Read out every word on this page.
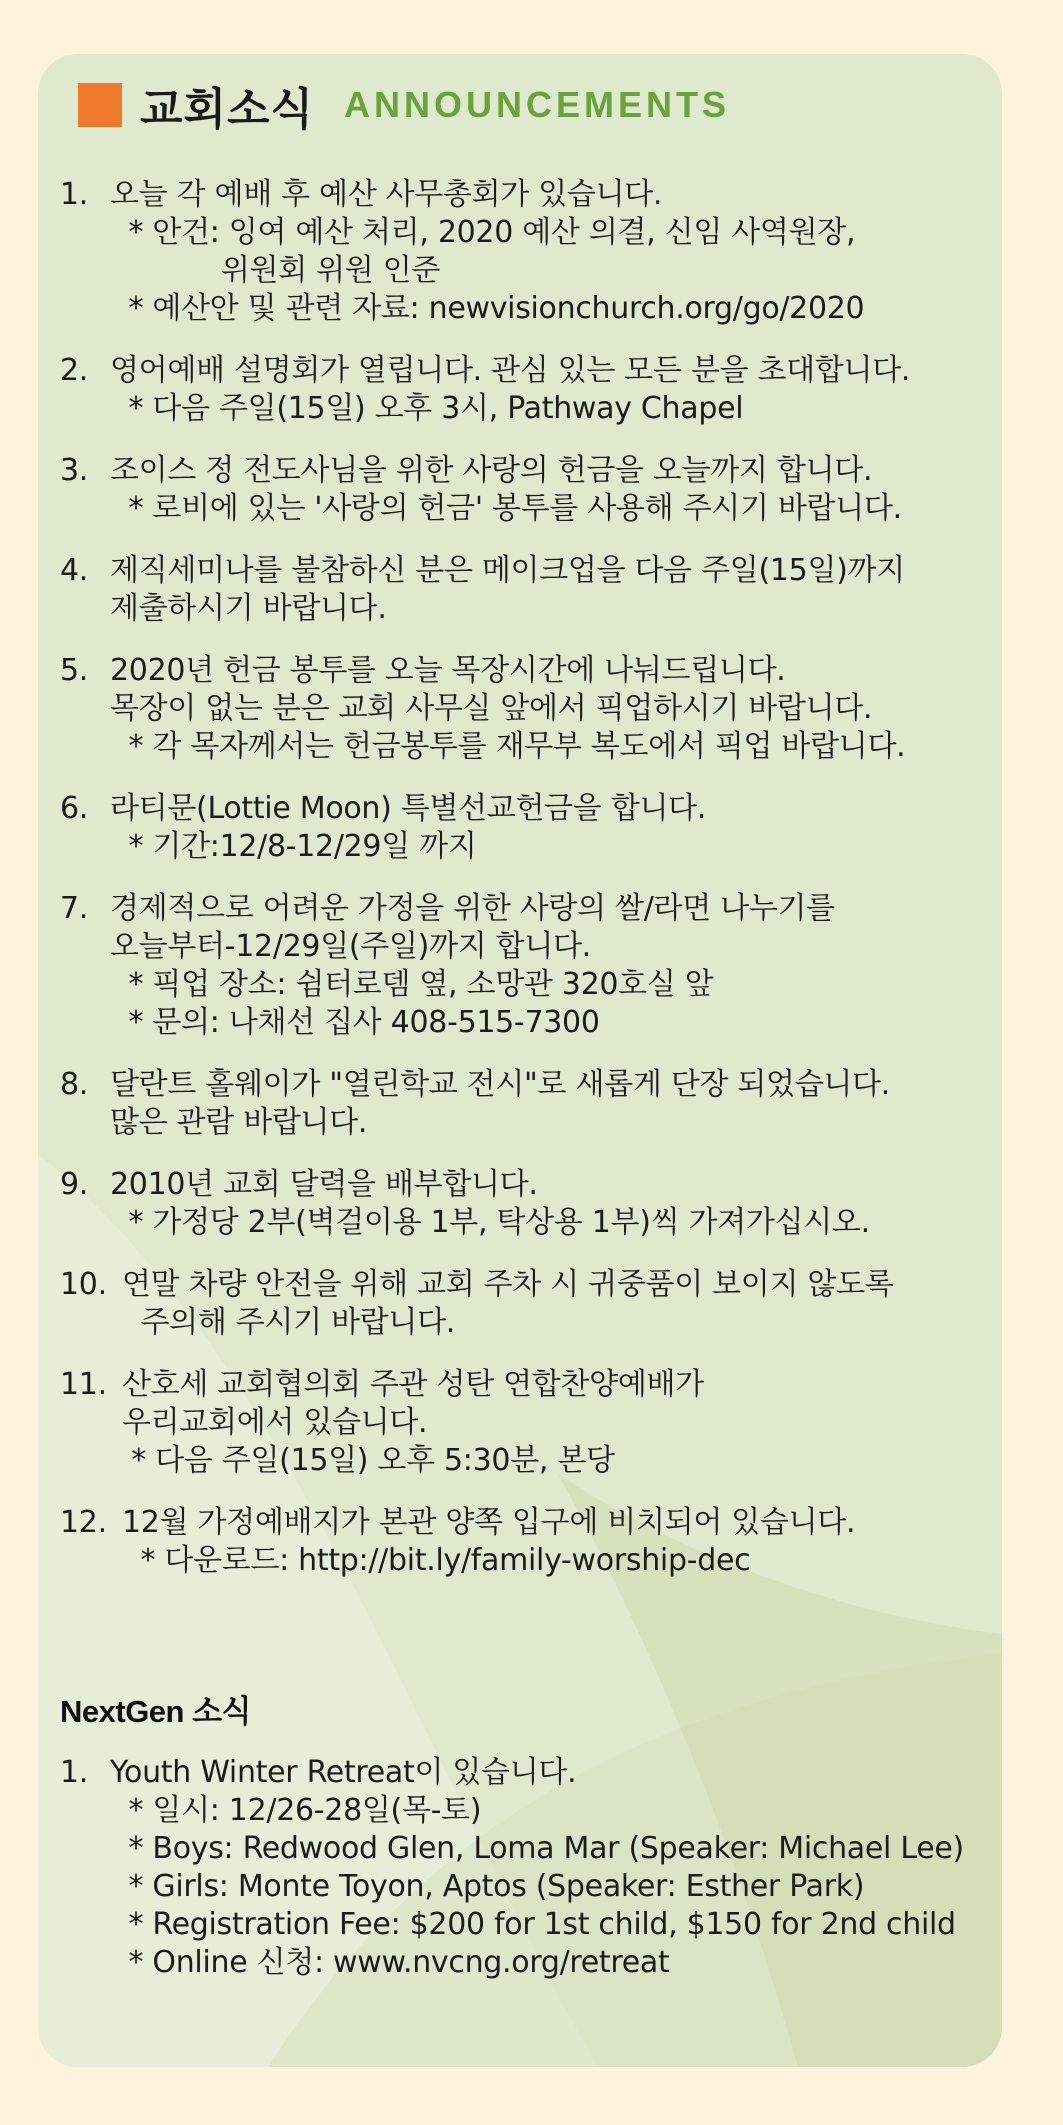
교회소식 ANNOUNCEMENTS
1. 오늘 각 예배 후 예산 사무총회가 있습니다.
* 안건: 잉여 예산 처리, 2020 예산 의결, 신임 사역원장,
위원회 위원 인준
* 예산안 및 관련 자료: newvisionchurch.org/go/2020
2. 영어예배 설명회가 열립니다. 관심 있는 모든 분을 초대합니다.
* 다음 주일(15일) 오후 3시, Pathway Chapel
3. 조이스 정 전도사님을 위한 사랑의 헌금을 오늘까지 합니다.
* 로비에 있는 '사랑의 헌금' 봉투를 사용해 주시기 바랍니다.
4. 제직세미나를 불참하신 분은 메이크업을 다음 주일(15일)까지
제출하시기 바랍니다.
5. 2020년 헌금 봉투를 오늘 목장시간에 나눠드립니다.
목장이 없는 분은 교회 사무실 앞에서 픽업하시기 바랍니다.
* 각 목자께서는 헌금봉투를 재무부 복도에서 픽업 바랍니다.
6. 라티문(Lottie Moon) 특별선교헌금을 합니다.
* 기간:12/8-12/29일 까지
7. 경제적으로 어려운 가정을 위한 사랑의 쌀/라면 나누기를
오늘부터-12/29일(주일)까지 합니다.
* 픽업 장소: 쉼터로뎀 옆, 소망관 320호실 앞
* 문의: 나채선 집사 408-515-7300
8. 달란트 홀웨이가 "열린학교 전시"로 새롭게 단장 되었습니다.
많은 관람 바랍니다.
9. 2010년 교회 달력을 배부합니다.
* 가정당 2부(벽걸이용 1부, 탁상용 1부)씩 가져가십시오.
10. 연말 차량 안전을 위해 교회 주차 시 귀중품이 보이지 않도록
주의해 주시기 바랍니다.
11. 산호세 교회협의회 주관 성탄 연합찬양예배가
우리교회에서 있습니다.
* 다음 주일(15일) 오후 5:30분, 본당
12. 12월 가정예배지가 본관 양쪽 입구에 비치되어 있습니다.
* 다운로드: http://bit.ly/family-worship-dec
NextGen 소식
1. Youth Winter Retreat이 있습니다.
* 일시: 12/26-28일(목-토)
* Boys: Redwood Glen, Loma Mar (Speaker: Michael Lee)
* Girls: Monte Toyon, Aptos (Speaker: Esther Park)
* Registration Fee: $200 for 1st child, $150 for 2nd child
* Online 신청: www.nvcng.org/retreat
